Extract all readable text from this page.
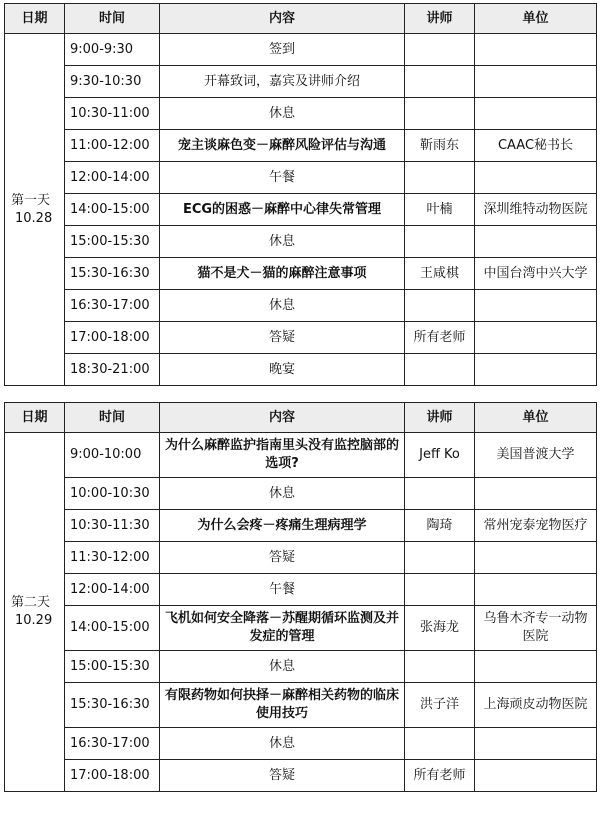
日期	时间	内容	讲师	单位

第一天
10.28	9:00-9:30	签到		
	9:30-10:30	开幕致词，嘉宾及讲师介绍		
	10:30-11:00	休息		
	11:00-12:00	宠主谈麻色变－麻醉风险评估与沟通	靳雨东	CAAC秘书长
	12:00-14:00	午餐		
	14:00-15:00	ECG的困惑－麻醉中心律失常管理	叶楠	深圳维特动物医院
	15:00-15:30	休息		
	15:30-16:30	猫不是犬－猫的麻醉注意事项	王咸棋	中国台湾中兴大学
	16:30-17:00	休息		
	17:00-18:00	答疑	所有老师	
	18:30-21:00	晚宴		
日期	时间	内容	讲师	单位

第二天
10.29	9:00-10:00	为什么麻醉监护指南里头没有监控脑部的选项?	Jeff Ko	美国普渡大学
	10:00-10:30	休息		
	10:30-11:30	为什么会疼－疼痛生理病理学	陶琦	常州宠泰宠物医疗
	11:30-12:00	答疑		
	12:00-14:00	午餐		
	14:00-15:00	飞机如何安全降落－苏醒期循环监测及并发症的管理	张海龙	乌鲁木齐专一动物医院
	15:00-15:30	休息		
	15:30-16:30	有限药物如何抉择－麻醉相关药物的临床使用技巧	洪子洋	上海顽皮动物医院
	16:30-17:00	休息		
	17:00-18:00	答疑	所有老师	
